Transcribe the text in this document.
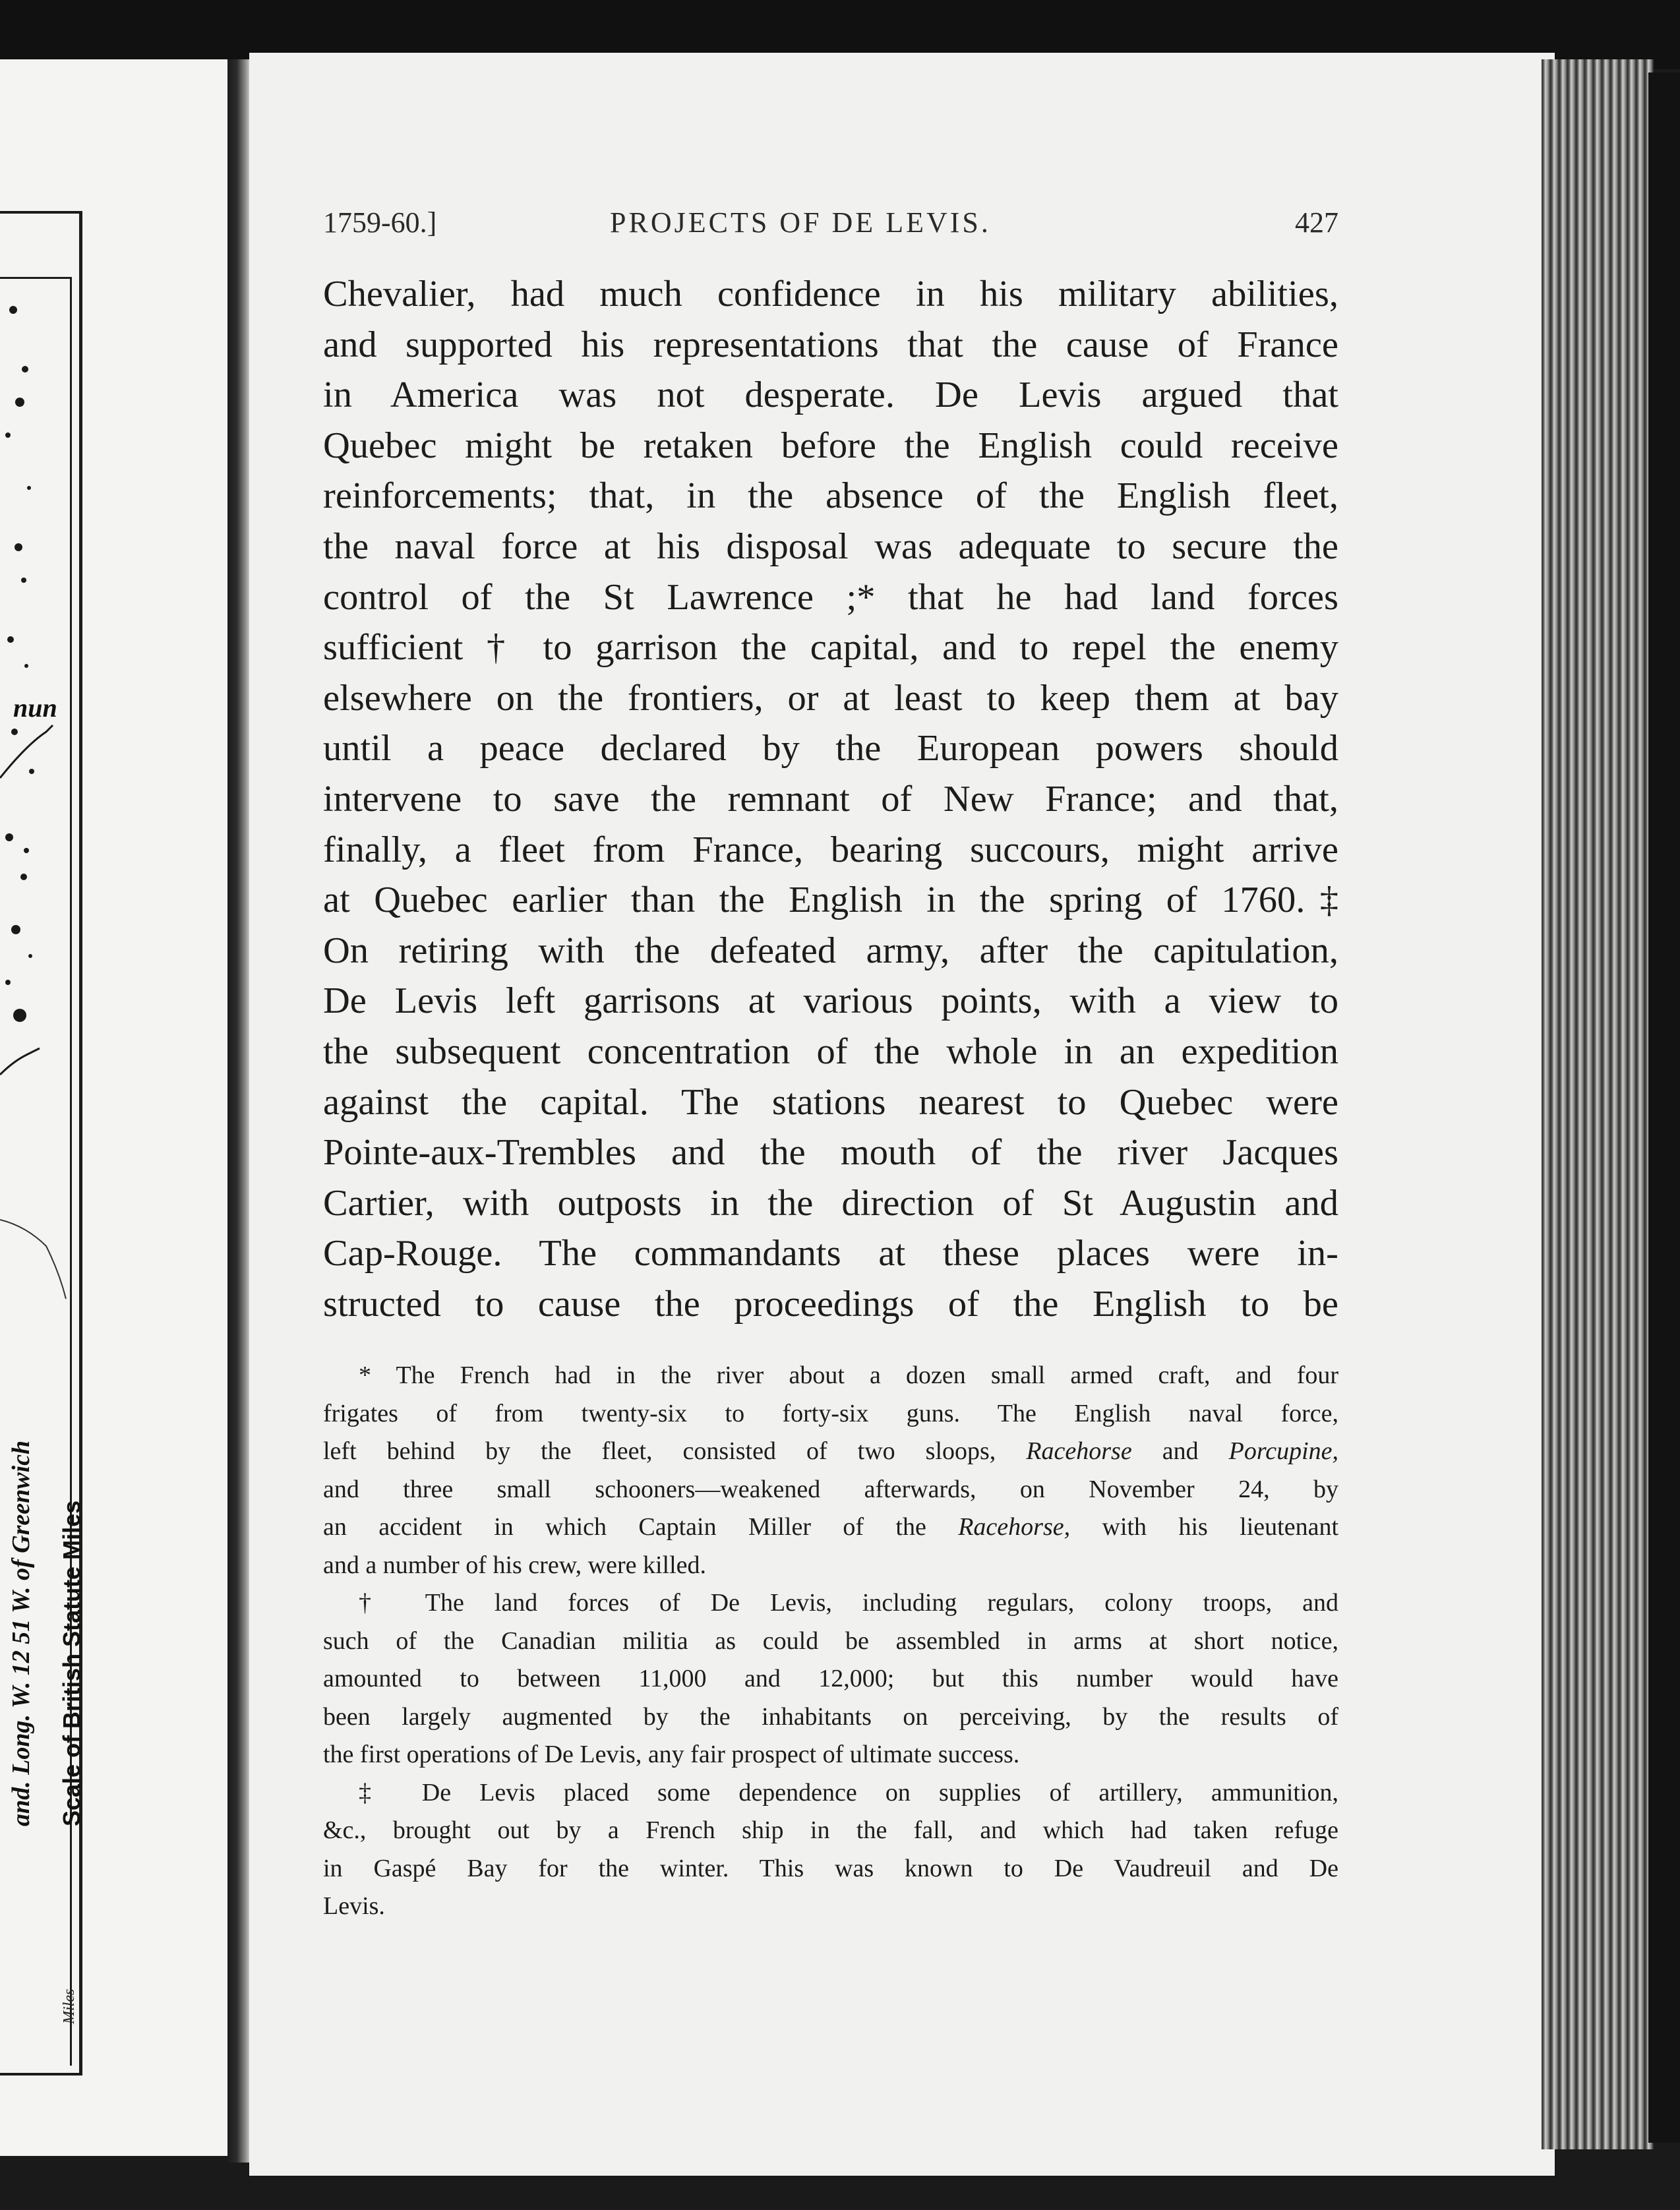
nun
and. Long. W. 12 51 W. of Greenwich Scale of British Statute Miles
Miles
1759-60.]	PROJECTS OF DE LEVIS.	427
Chevalier, had much confidence in his military abilities,
and supported his representations that the cause of France
in America was not desperate. De Levis argued that
Quebec might be retaken before the English could receive
reinforcements; that, in the absence of the English fleet,
the naval force at his disposal was adequate to secure the
control of the St Lawrence ;* that he had land forces
sufficient † to garrison the capital, and to repel the enemy
elsewhere on the frontiers, or at least to keep them at bay
until a peace declared by the European powers should
intervene to save the remnant of New France; and that,
finally, a fleet from France, bearing succours, might arrive
at Quebec earlier than the English in the spring of 1760.‡
On retiring with the defeated army, after the capitulation,
De Levis left garrisons at various points, with a view to
the subsequent concentration of the whole in an expedition
against the capital. The stations nearest to Quebec were
Pointe-aux-Trembles and the mouth of the river Jacques
Cartier, with outposts in the direction of St Augustin and
Cap-Rouge. The commandants at these places were in-
structed to cause the proceedings of the English to be
* The French had in the river about a dozen small armed craft, and four
frigates of from twenty-six to forty-six guns. The English naval force,
left behind by the fleet, consisted of two sloops, Racehorse and Porcupine,
and three small schooners—weakened afterwards, on November 24, by
an accident in which Captain Miller of the Racehorse, with his lieutenant
and a number of his crew, were killed.
† The land forces of De Levis, including regulars, colony troops, and
such of the Canadian militia as could be assembled in arms at short notice,
amounted to between 11,000 and 12,000; but this number would have
been largely augmented by the inhabitants on perceiving, by the results of
the first operations of De Levis, any fair prospect of ultimate success.
‡ De Levis placed some dependence on supplies of artillery, ammunition,
&c., brought out by a French ship in the fall, and which had taken refuge
in Gaspé Bay for the winter. This was known to De Vaudreuil and De
Levis.
